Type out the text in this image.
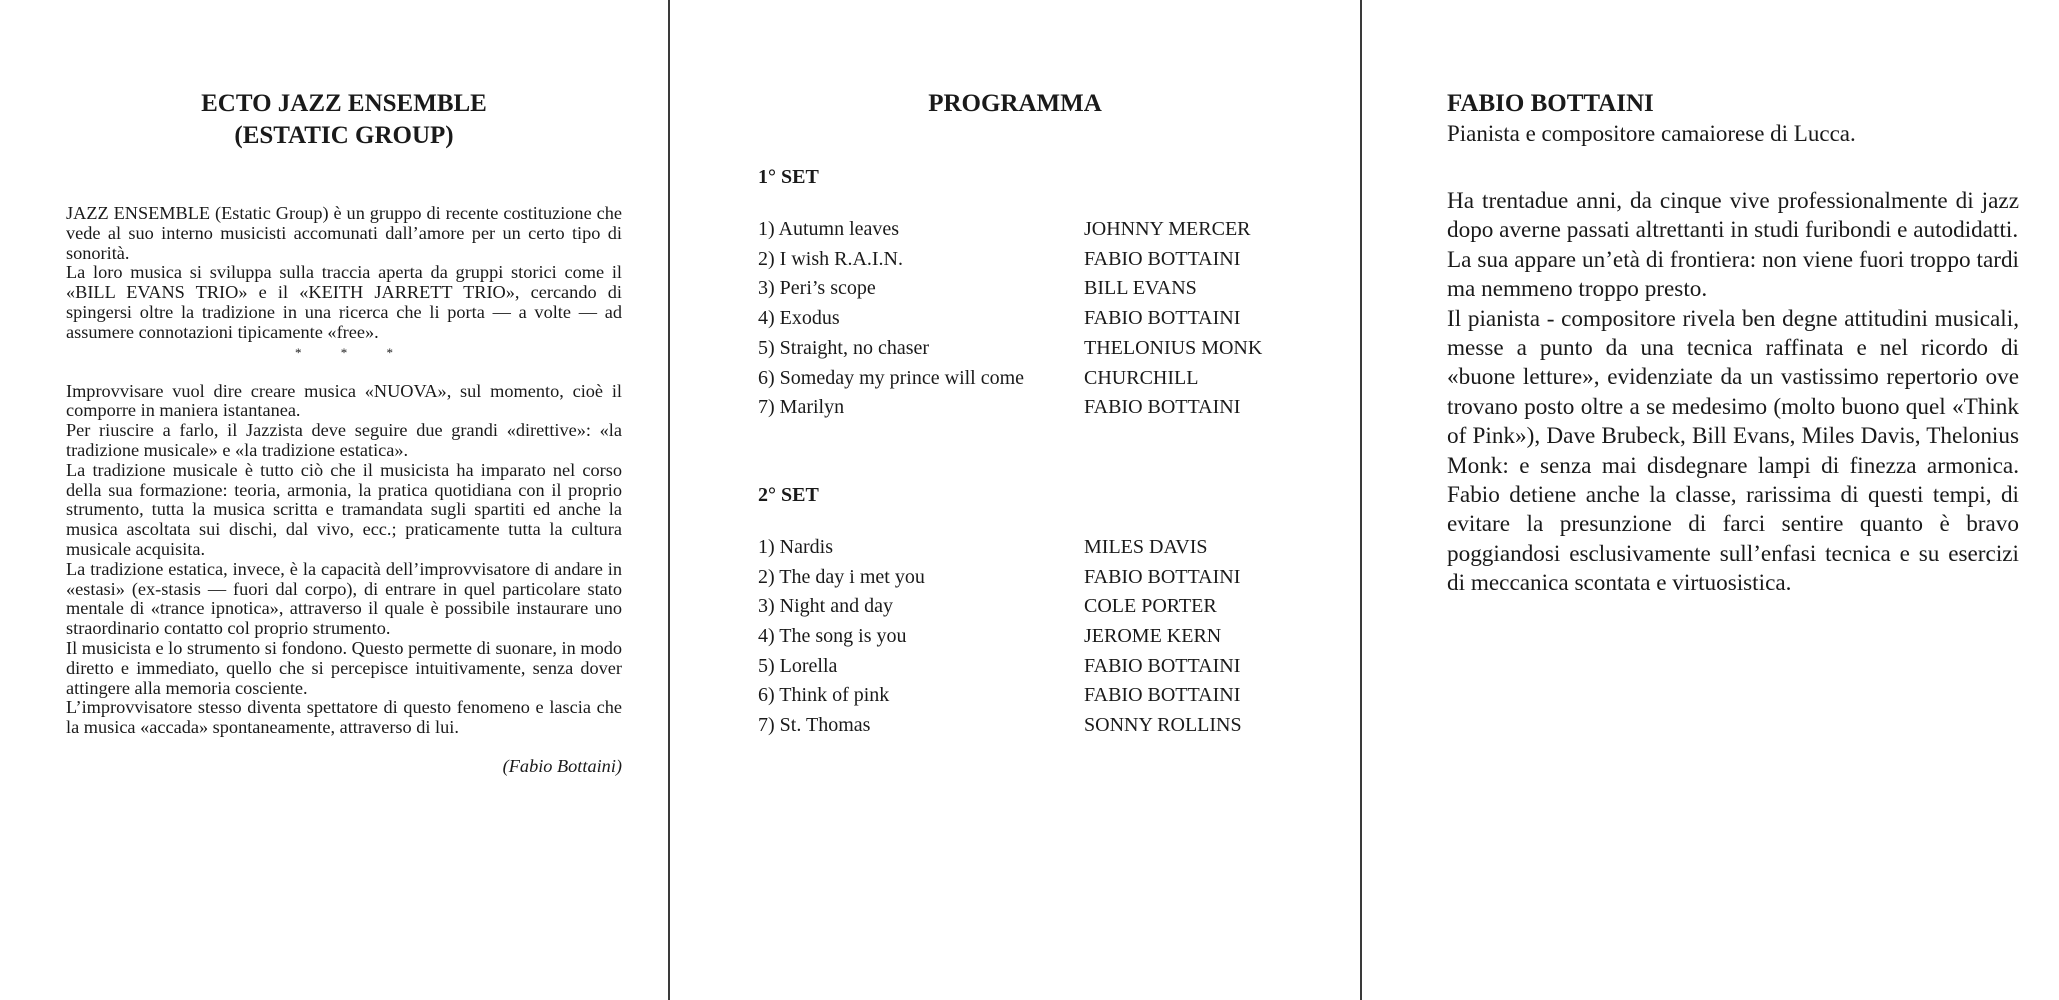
ECTO JAZZ ENSEMBLE
(ESTATIC GROUP)

JAZZ ENSEMBLE (Estatic Group) è un gruppo di recente costituzione che vede al suo interno musicisti accomunati dall’amore per un certo tipo di sonorità.

La loro musica si sviluppa sulla traccia aperta da gruppi storici come il «BILL EVANS TRIO» e il «KEITH JARRETT TRIO», cercando di spingersi oltre la tradizione in una ricerca che li porta — a volte — ad assumere connotazioni tipicamente «free».

* * *

Improvvisare vuol dire creare musica «NUOVA», sul momento, cioè il comporre in maniera istantanea.

Per riuscire a farlo, il Jazzista deve seguire due grandi «direttive»: «la tradizione musicale» e «la tradizione estatica».

La tradizione musicale è tutto ciò che il musicista ha imparato nel corso della sua formazione: teoria, armonia, la pratica quotidiana con il proprio strumento, tutta la musica scritta e tramandata sugli spartiti ed anche la musica ascoltata sui dischi, dal vivo, ecc.; praticamente tutta la cultura musicale acquisita.

La tradizione estatica, invece, è la capacità dell’improvvisatore di andare in «estasi» (ex-stasis — fuori dal corpo), di entrare in quel particolare stato mentale di «trance ipnotica», attraverso il quale è possibile instaurare uno straordinario contatto col proprio strumento.

Il musicista e lo strumento si fondono. Questo permette di suonare, in modo diretto e immediato, quello che si percepisce intuitivamente, senza dover attingere alla memoria cosciente.

L’improvvisatore stesso diventa spettatore di questo fenomeno e lascia che la musica «accada» spontaneamente, attraverso di lui.

(Fabio Bottaini)
PROGRAMMA
1° SET
1) Autumn leaves	JOHNNY MERCER
2) I wish R.A.I.N.	FABIO BOTTAINI
3) Peri’s scope	BILL EVANS
4) Exodus	FABIO BOTTAINI
5) Straight, no chaser	THELONIUS MONK
6) Someday my prince will come	CHURCHILL
7) Marilyn	FABIO BOTTAINI
2° SET
1) Nardis	MILES DAVIS
2) The day i met you	FABIO BOTTAINI
3) Night and day	COLE PORTER
4) The song is you	JEROME KERN
5) Lorella	FABIO BOTTAINI
6) Think of pink	FABIO BOTTAINI
7) St. Thomas	SONNY ROLLINS
FABIO BOTTAINI

Pianista e compositore camaiorese di Lucca.

Ha trentadue anni, da cinque vive professionalmente di jazz dopo averne passati altrettanti in studi furibondi e autodidatti.

La sua appare un’età di frontiera: non viene fuori troppo tardi ma nemmeno troppo presto.

Il pianista - compositore rivela ben degne attitudini musicali, messe a punto da una tecnica raffinata e nel ricordo di «buone letture», evidenziate da un vastissimo repertorio ove trovano posto oltre a se medesimo (molto buono quel «Think of Pink»), Dave Brubeck, Bill Evans, Miles Davis, Thelonius Monk: e senza mai disdegnare lampi di finezza armonica. Fabio detiene anche la classe, rarissima di questi tempi, di evitare la presunzione di farci sentire quanto è bravo poggiandosi esclusivamente sull’enfasi tecnica e su esercizi di meccanica scontata e virtuosistica.
